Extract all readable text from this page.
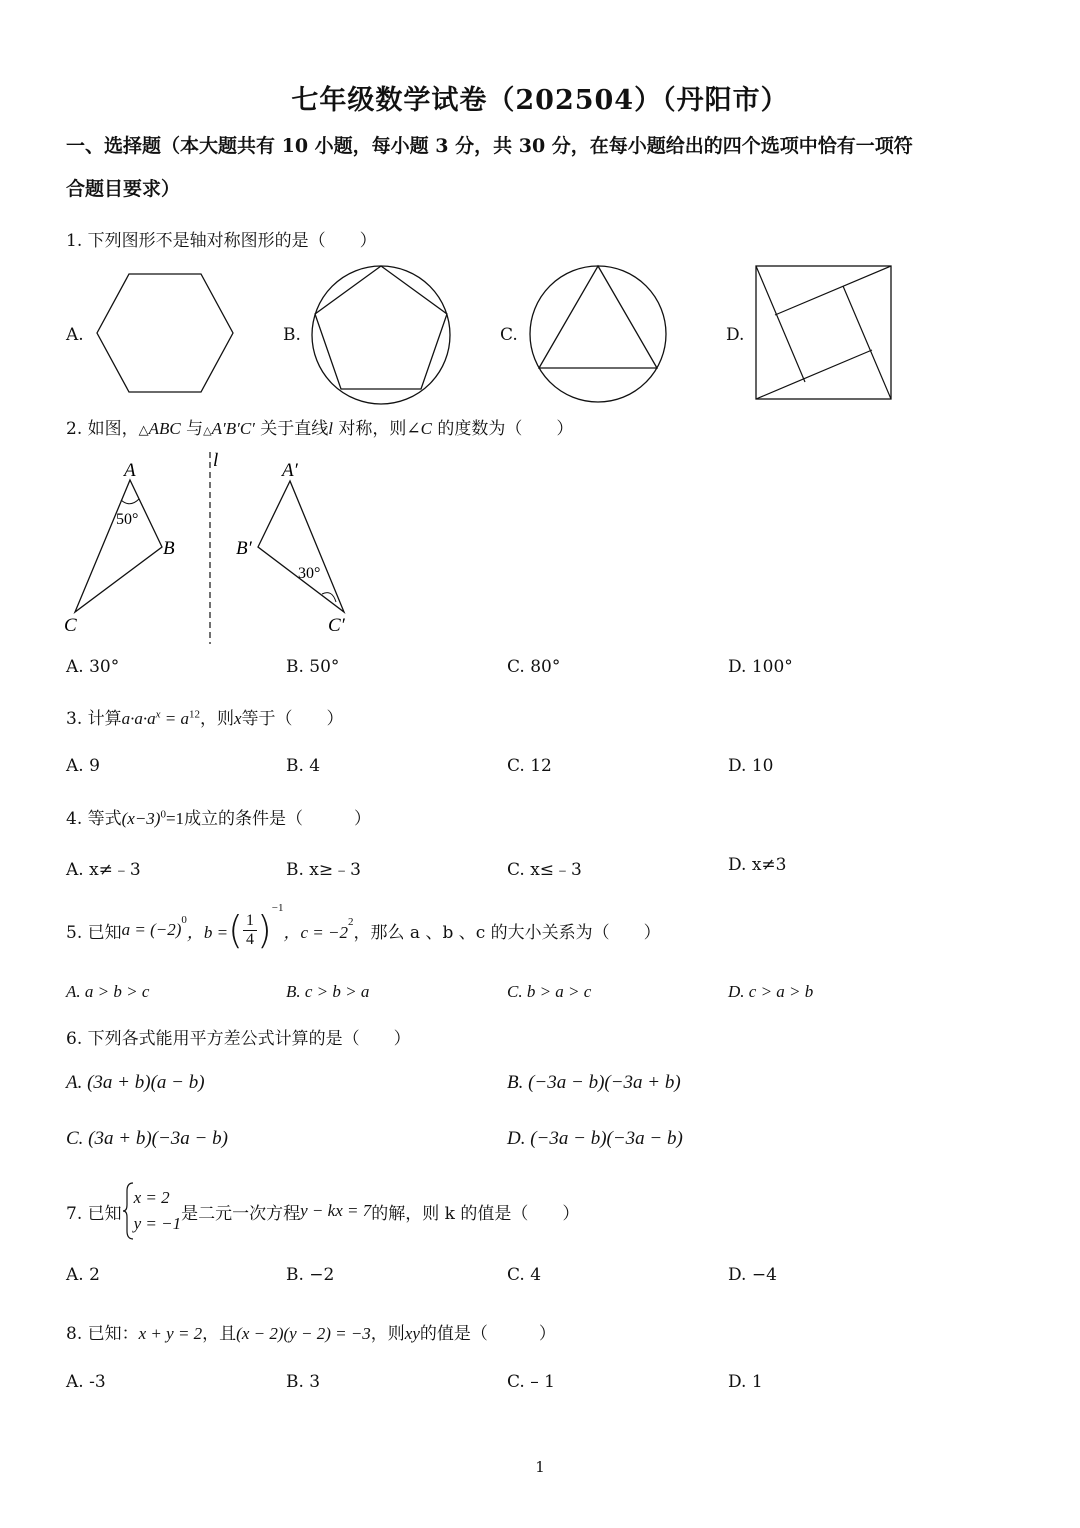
七年级数学试卷（202504）（丹阳市）
一、选择题（本大题共有 10 小题，每小题 3 分，共 30 分，在每小题给出的四个选项中恰有一项符
合题目要求）
1. 下列图形不是轴对称图形的是（　　）
A.	B.	C.	D.
2. 如图，△ABC 与△A′B′C′ 关于直线l 对称，则∠C 的度数为（　　）
A
50°
B
C
l	A′
B′
30°
C′
A. 30°	B. 50°	C. 80°	D. 100°
3. 计算$a\cdot a\cdot a^x = a^{12}$，则x等于（　　）
A. 9	B. 4	C. 12	D. 10
4. 等式$(x-3)^0=1$成立的条件是（　　　）
A. x≠﹣3	B. x≥﹣3	C. x≤﹣3	D. x≠3
5. 已知 $a = (-2)^0$
，b = ( $\frac{1}{4} )^{-1}$
，c = −2
$^2$
，那么 a 、b 、c 的大小关系为（　　）
A. a > b > c	B. c > b > a	C. b > a > c	D. c > a > b
6. 下列各式能用平方差公式计算的是（　　）
A. (3a + b)(a − b)	B. (−3a − b)(−3a + b)
C. (3a + b)(−3a − b)	D. (−3a − b)(−3a − b)
7. 已知
x = 2
y = −1 是二元一次方程 y − kx = 7 的解，则 k 的值是（　　）
A. 2	B. −2	C. 4	D. −4
8. 已知：x + y = 2，且(x − 2)(y − 2) = −3，则xy的值是（　　　）
A. -3	B. 3	C. – 1	D. 1
1
